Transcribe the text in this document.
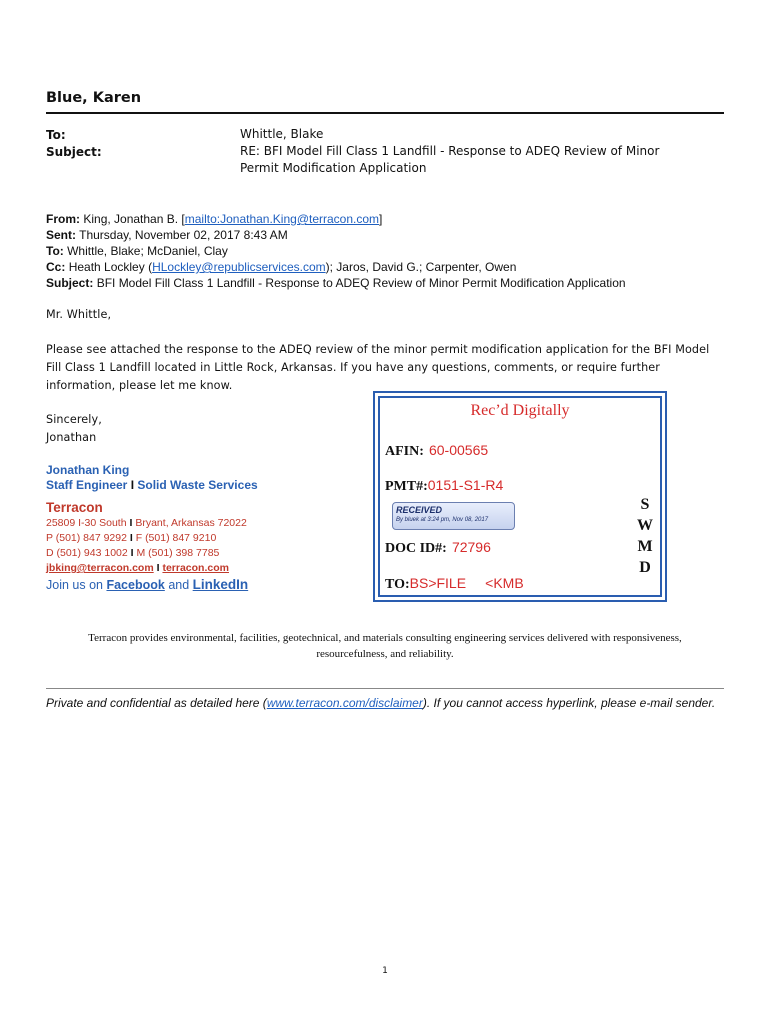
Blue, Karen
To:	Whittle, Blake
Subject:	RE: BFI Model Fill Class 1 Landfill - Response to ADEQ Review of Minor Permit Modification Application
From: King, Jonathan B. [mailto:Jonathan.King@terracon.com]
Sent: Thursday, November 02, 2017 8:43 AM
To: Whittle, Blake; McDaniel, Clay
Cc: Heath Lockley (HLockley@republicservices.com); Jaros, David G.; Carpenter, Owen
Subject: BFI Model Fill Class 1 Landfill - Response to ADEQ Review of Minor Permit Modification Application
Mr. Whittle,
Please see attached the response to the ADEQ review of the minor permit modification application for the BFI Model Fill Class 1 Landfill located in Little Rock, Arkansas. If you have any questions, comments, or require further information, please let me know.
Sincerely,
Jonathan
Jonathan King
Staff Engineer I Solid Waste Services
Terracon
25809 I-30 South I Bryant, Arkansas 72022
P (501) 847 9292 I F (501) 847 9210
D (501) 943 1002 I M (501) 398 7785
jbking@terracon.com I terracon.com
Join us on Facebook and LinkedIn
Rec’d Digitally
AFIN: 60-00565
PMT#:0151-S1-R4
RECEIVED
By bluek at 3:24 pm, Nov 08, 2017
DOC ID#: 72796
TO:BS>FILE <KMB
S
W
M
D
Terracon provides environmental, facilities, geotechnical, and materials consulting engineering services delivered with responsiveness, resourcefulness, and reliability.
Private and confidential as detailed here (www.terracon.com/disclaimer). If you cannot access hyperlink, please e-mail sender.
1
